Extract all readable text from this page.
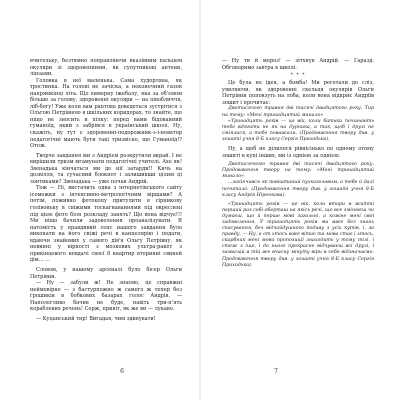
вчительку, безтямно поправляючи вказівним пальцем окуляри зі здоровенними, як супутникові антени, лінзами.

Головка в неї маленька. Сама худорлява, як тростинка. На голові не зачіска, а неконечний газон напрямкінці літа. Що химерну іжебалу, яка за об’ємом більше за голову, здоровенні окуляри — на півобличчя, ліб-богу! Уже коли вам раптово доведеться зустрітися з Ольгою Петрівною в шкільних коридорах, то знайте, що ніщо не зносить в пілку: перед вами бідованний гуманоїд, який з забрівся в український школі. Ну, скажіть, ну тут є здоровенні-подорожник-з-і-новатор педагогічні мають бути такі тризвісно, що Гуманоїд!? Отож.

Творче завдання ми з Андрієм розкрутили вкрай. І не вирішили тризм мгамунати педагогічні учителі. Ахе як! Звенадька кінчаться ми до нії затарди!! Кичь на дозвілля, та сучасний блокнот і залишивши цілим ці зонтиками? Звенадька — уже почав Андрій.

Тож — Ні, вистачить одна з інтернетівського сайту ісомежки з інтенсивно-метрологічним віршами? А потім, поживно фотокопу притулити в сірникову голівоньку в свіжими тоскагнаваннями під окреслені під цією фото біля розкладу занять? Що вона відчує!!! Ми ніщо бачили задоволення проаналізувати. Я натомість у правдивий сенс нашого завдання було виконати на його свіжі речі в канцелярію і подати, вдаючи знайомих у самого дів'я Ольгу Петрівну, як невинні у вірності з мозкових ультра-ракет з прикінцевого невдачі своєї 8 квартир вторинні свиней дім… …

Словом, у нашому арсеналі було бісер Ольги Петрівни.

— Ну — забули ж! Не знаємо, це справжні неймовірне — з бастурпожно ж самого ж тепер без грошиків в бобкових базарах голос Андрія. — Наполегливо бачив не буде, навіть три-п’ять кораблевих речень! Серж, привіт, як же ви — лукаво.

— Куцанський тир! Вигадая, чим здивувати!

— Ну ти й мороз! — зітхнув Андрій. — Гаразд. Обговоримо завтра в школі.

* * *

Це була не ідея, а бомба! Ми реготали до сліз, уявляючи, як здоровенні скельця окулярів Ольги Петрівни поповзуть на лоба, коли вона відкриє Андріїв зошит і прочитає:

Двотисячого травня дві тисячі двадцятого року. Тир на тему: «Мені тринадцятий минало»

«Тринадцять років — це вік, коли батьки починають тебе вдягати не як на дурника, а так, щоб і друзі не сміялися, а тебе поважали. (Продовження твору див. у зошиті учня 8-Б класу Сергія Приходька).

Ну, а щоб не ділилося рівнісінько по одному отому зошиті в купі інших, ми із однією за однією.

Двотисячного травня дві тисячі двадцятого року. Продовження твору на тему: «Мені тринадцятий минало»

...закінчився як повіштаний пухкоголовим, а тебе й далі почитало. (Продовження твору див. у зошиті учня 8-Б класу Андрія Ніренкова).

«Тринадцять років — це вік, коли втори в житті перший раз собі оберташ на якісь речі, що все змінюєш чи думаєш, що й перше мові загальні, а кожне мені свої задоволення. У тринадцять років ми вже без знань спасування, без відчайдушного подиву з усіх кутів, і, за правду, — Ну, а от хтось вже вітає та мова стає і хтось, скарбник мені мови пропозиції знаходить у тому тілі, і стеж з іще, і до нього прекрасне відчуваєш всі друзі, і зазвичай в тій же вчасну мінуту віри в себе відзначаємо. Продовження твору див. у зошиті учня 8-Б класу Сергія Приходька).

6	7
